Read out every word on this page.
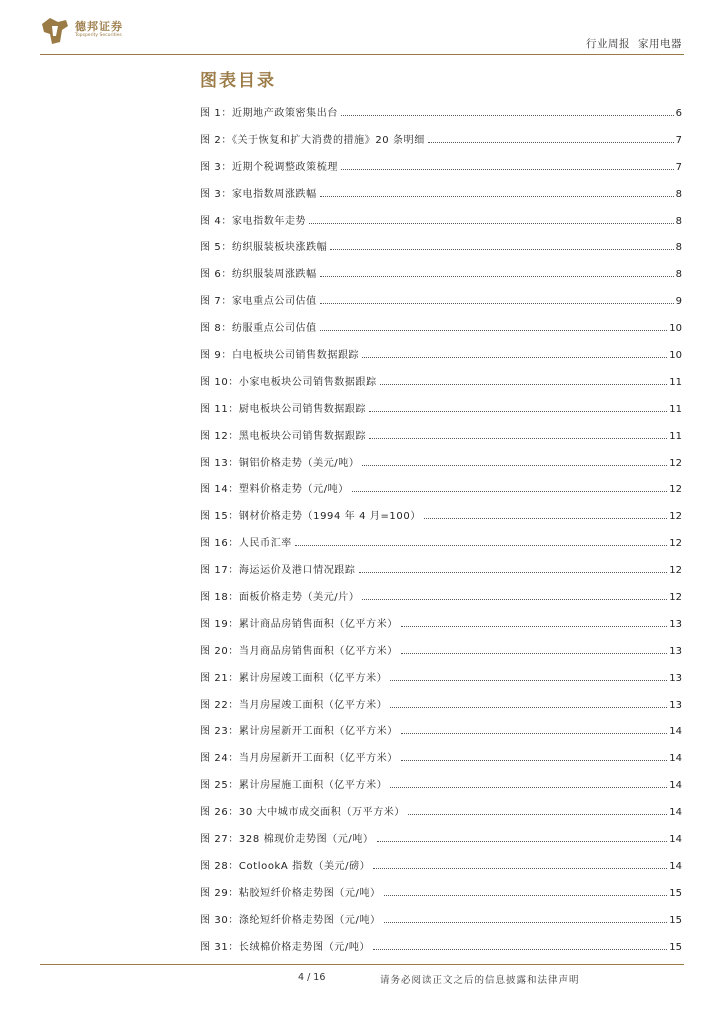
德邦证券
Topsperity Securities
行业周报 家用电器
图表目录
图 1：近期地产政策密集出台	6
图 2：《关于恢复和扩大消费的措施》20 条明细	7
图 3：近期个税调整政策梳理	7
图 3：家电指数周涨跌幅	8
图 4：家电指数年走势	8
图 5：纺织服装板块涨跌幅	8
图 6：纺织服装周涨跌幅	8
图 7：家电重点公司估值	9
图 8：纺服重点公司估值	10
图 9：白电板块公司销售数据跟踪	10
图 10：小家电板块公司销售数据跟踪	11
图 11：厨电板块公司销售数据跟踪	11
图 12：黑电板块公司销售数据跟踪	11
图 13：铜铝价格走势（美元/吨）	12
图 14：塑料价格走势（元/吨）	12
图 15：钢材价格走势（1994 年 4 月=100）	12
图 16：人民币汇率	12
图 17：海运运价及港口情况跟踪	12
图 18：面板价格走势（美元/片）	12
图 19：累计商品房销售面积（亿平方米）	13
图 20：当月商品房销售面积（亿平方米）	13
图 21：累计房屋竣工面积（亿平方米）	13
图 22：当月房屋竣工面积（亿平方米）	13
图 23：累计房屋新开工面积（亿平方米）	14
图 24：当月房屋新开工面积（亿平方米）	14
图 25：累计房屋施工面积（亿平方米）	14
图 26：30 大中城市成交面积（万平方米）	14
图 27：328 棉现价走势图（元/吨）	14
图 28：CotlookA 指数（美元/磅）	14
图 29：粘胶短纤价格走势图（元/吨）	15
图 30：涤纶短纤价格走势图（元/吨）	15
图 31：长绒棉价格走势图（元/吨）	15
4 / 16	请务必阅读正文之后的信息披露和法律声明
